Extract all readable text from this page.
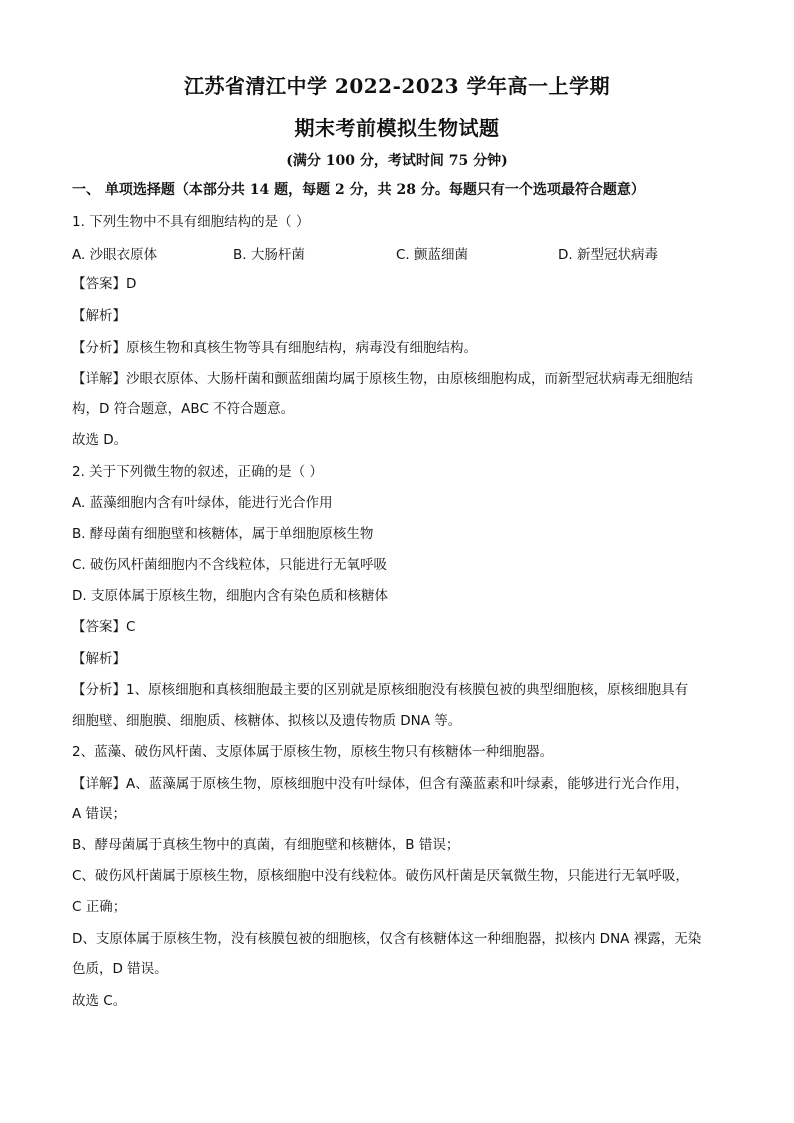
江苏省清江中学 2022-2023 学年高一上学期
期末考前模拟生物试题
(满分 100 分，考试时间 75 分钟)
一、 单项选择题（本部分共 14 题，每题 2 分，共 28 分。每题只有一个选项最符合题意）
1. 下列生物中不具有细胞结构的是（ ）
A. 沙眼衣原体	B. 大肠杆菌	C. 颤蓝细菌	D. 新型冠状病毒
【答案】D
【解析】
【分析】原核生物和真核生物等具有细胞结构，病毒没有细胞结构。
【详解】沙眼衣原体、大肠杆菌和颤蓝细菌均属于原核生物，由原核细胞构成，而新型冠状病毒无细胞结
构，D 符合题意，ABC 不符合题意。
故选 D。
2. 关于下列微生物的叙述，正确的是（ ）
A. 蓝藻细胞内含有叶绿体，能进行光合作用
B. 酵母菌有细胞壁和核糖体，属于单细胞原核生物
C. 破伤风杆菌细胞内不含线粒体，只能进行无氧呼吸
D. 支原体属于原核生物，细胞内含有染色质和核糖体
【答案】C
【解析】
【分析】1、原核细胞和真核细胞最主要的区别就是原核细胞没有核膜包被的典型细胞核，原核细胞具有
细胞壁、细胞膜、细胞质、核糖体、拟核以及遗传物质 DNA 等。
2、蓝藻、破伤风杆菌、支原体属于原核生物，原核生物只有核糖体一种细胞器。
【详解】A、蓝藻属于原核生物，原核细胞中没有叶绿体，但含有藻蓝素和叶绿素，能够进行光合作用，
A 错误；
B、酵母菌属于真核生物中的真菌，有细胞壁和核糖体，B 错误；
C、破伤风杆菌属于原核生物，原核细胞中没有线粒体。破伤风杆菌是厌氧微生物，只能进行无氧呼吸，
C 正确；
D、支原体属于原核生物，没有核膜包被的细胞核，仅含有核糖体这一种细胞器，拟核内 DNA 裸露，无染
色质，D 错误。
故选 C。
